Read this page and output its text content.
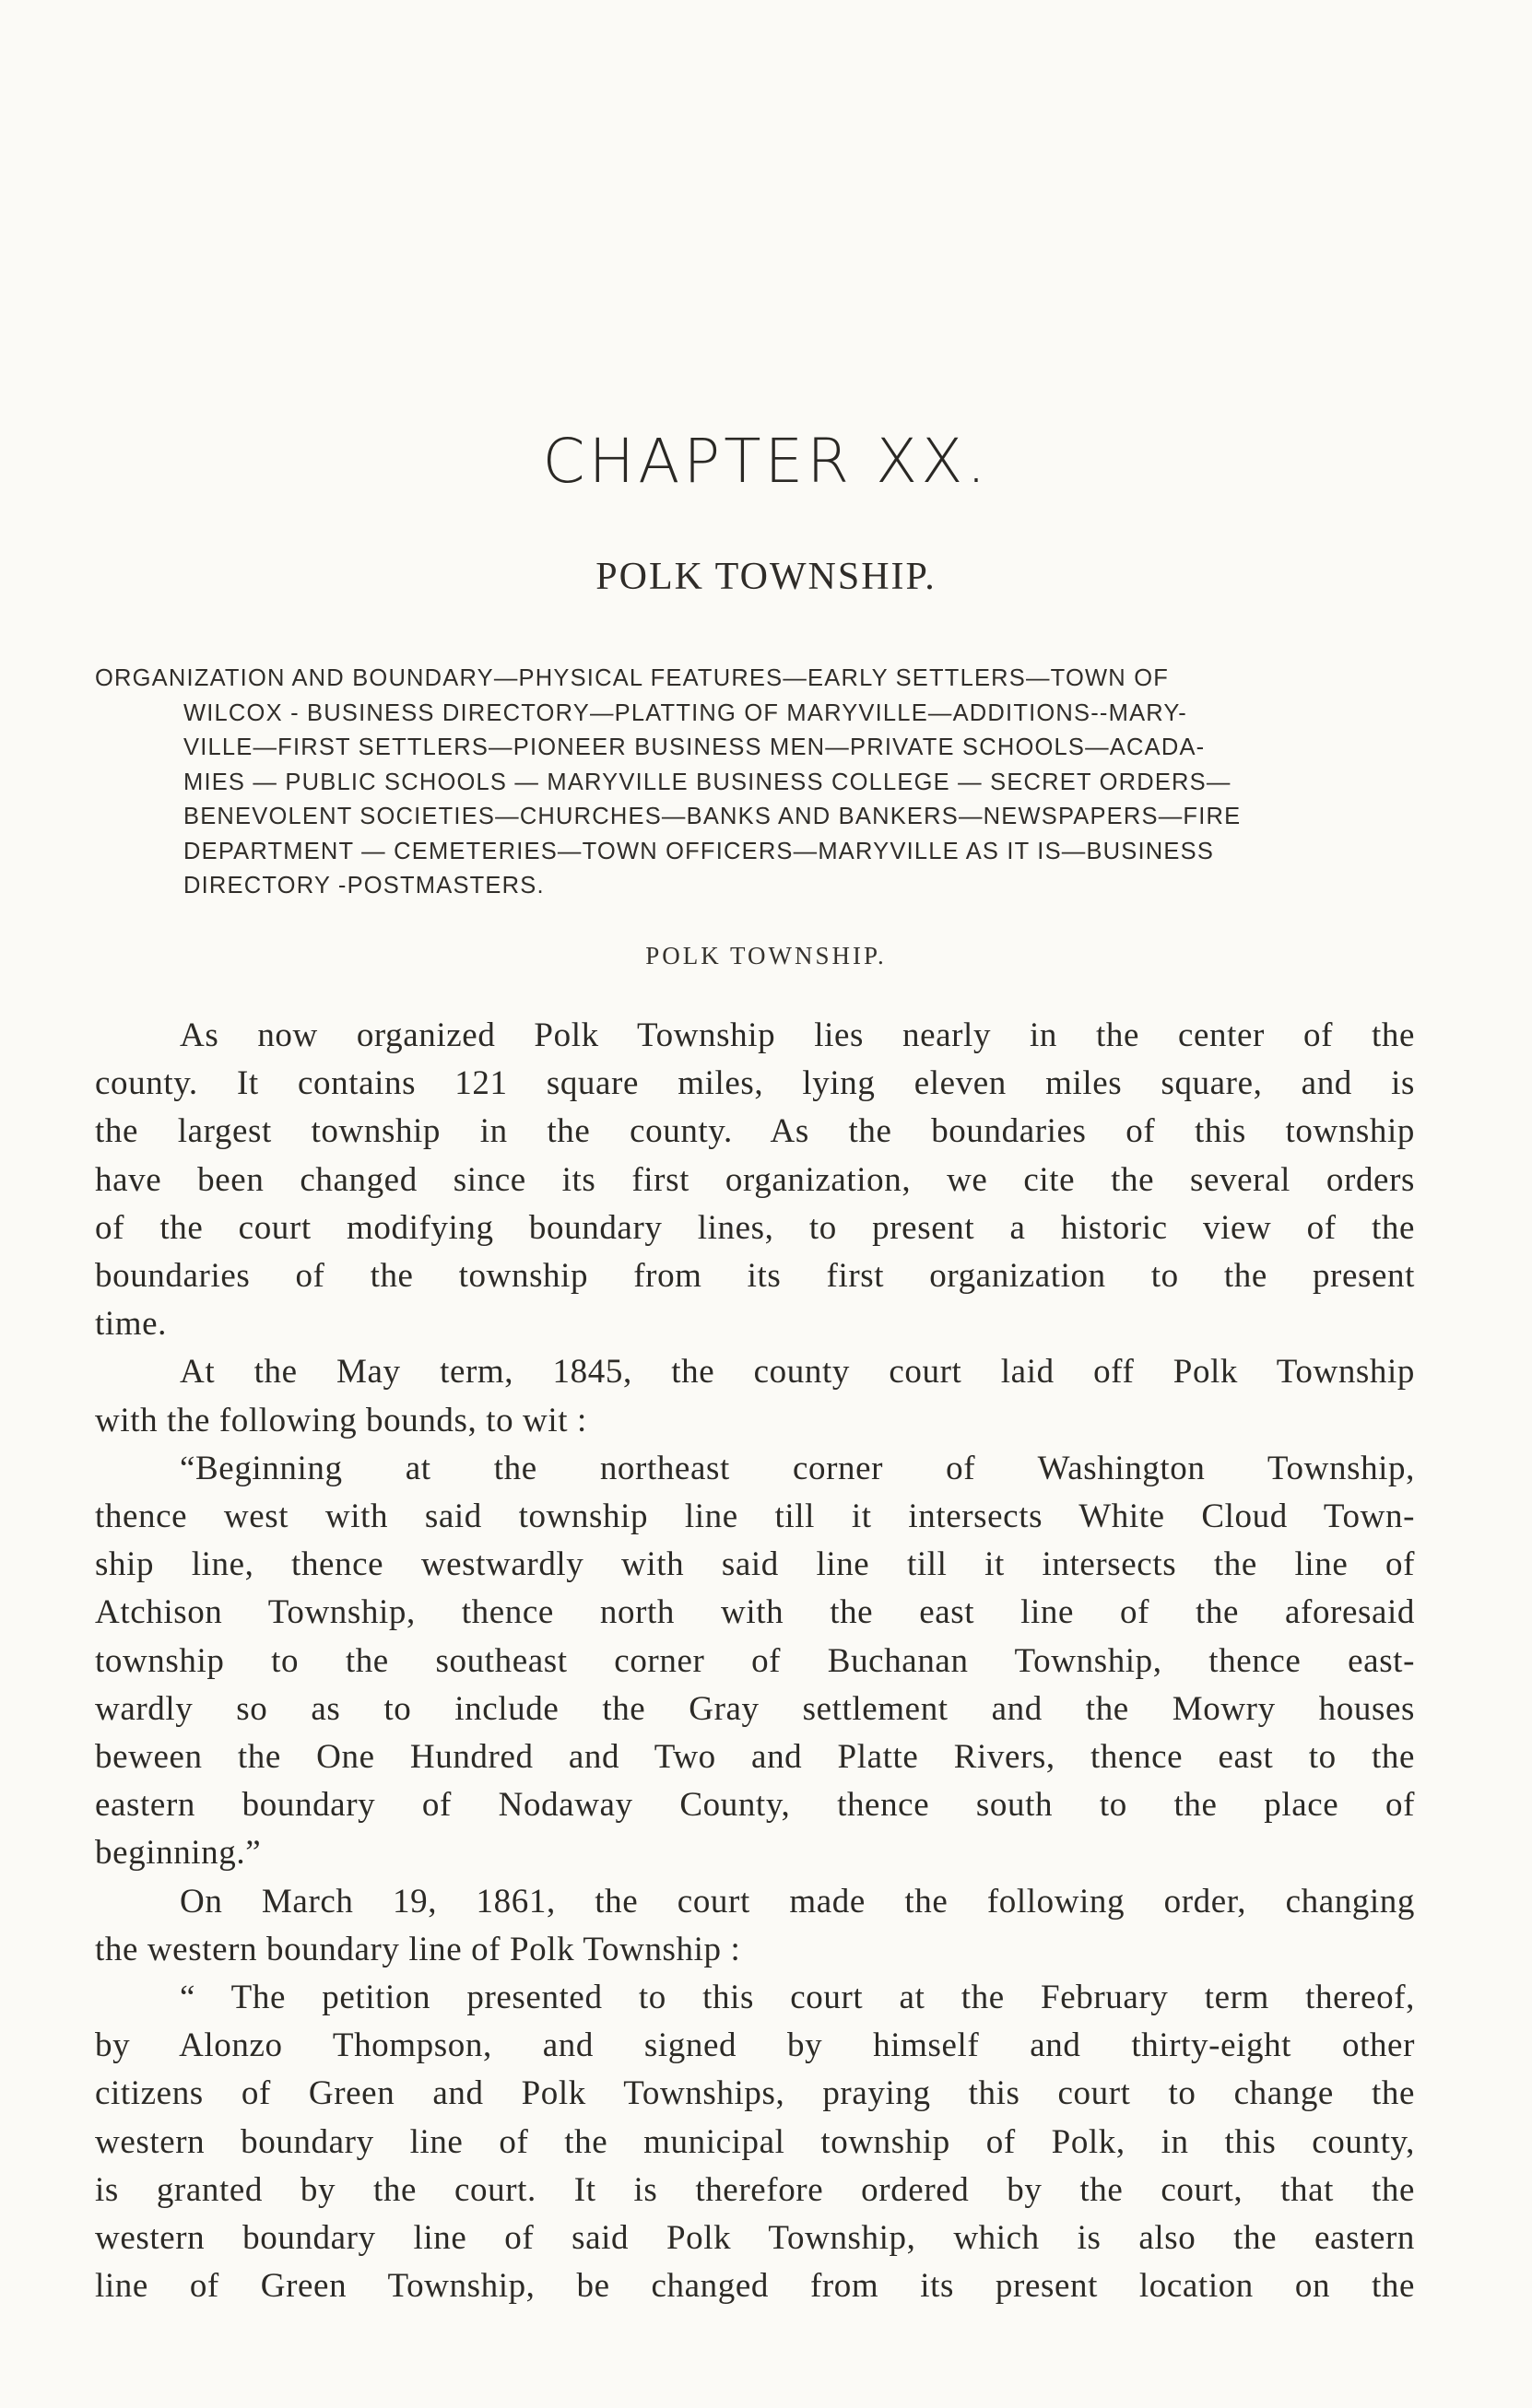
CHAPTER XX.
POLK TOWNSHIP.
ORGANIZATION AND BOUNDARY—PHYSICAL FEATURES—EARLY SETTLERS—TOWN OF
WILCOX - BUSINESS DIRECTORY—PLATTING OF MARYVILLE—ADDITIONS--MARY-
VILLE—FIRST SETTLERS—PIONEER BUSINESS MEN—PRIVATE SCHOOLS—ACADA-
MIES — PUBLIC SCHOOLS — MARYVILLE BUSINESS COLLEGE — SECRET ORDERS—
BENEVOLENT SOCIETIES—CHURCHES—BANKS AND BANKERS—NEWSPAPERS—FIRE
DEPARTMENT — CEMETERIES—TOWN OFFICERS—MARYVILLE AS IT IS—BUSINESS
DIRECTORY -POSTMASTERS.
POLK TOWNSHIP.
As now organized Polk Township lies nearly in the center of the
county. It contains 121 square miles, lying eleven miles square, and is
the largest township in the county. As the boundaries of this township
have been changed since its first organization, we cite the several orders
of the court modifying boundary lines, to present a historic view of the
boundaries of the township from its first organization to the present
time.
At the May term, 1845, the county court laid off Polk Township
with the following bounds, to wit :
“Beginning at the northeast corner of Washington Township,
thence west with said township line till it intersects White Cloud Town-
ship line, thence westwardly with said line till it intersects the line of
Atchison Township, thence north with the east line of the aforesaid
township to the southeast corner of Buchanan Township, thence east-
wardly so as to include the Gray settlement and the Mowry houses
beween the One Hundred and Two and Platte Rivers, thence east to the
eastern boundary of Nodaway County, thence south to the place of
beginning.”
On March 19, 1861, the court made the following order, changing
the western boundary line of Polk Township :
“ The petition presented to this court at the February term thereof,
by Alonzo Thompson, and signed by himself and thirty-eight other
citizens of Green and Polk Townships, praying this court to change the
western boundary line of the municipal township of Polk, in this county,
is granted by the court. It is therefore ordered by the court, that the
western boundary line of said Polk Township, which is also the eastern
line of Green Township, be changed from its present location on the
